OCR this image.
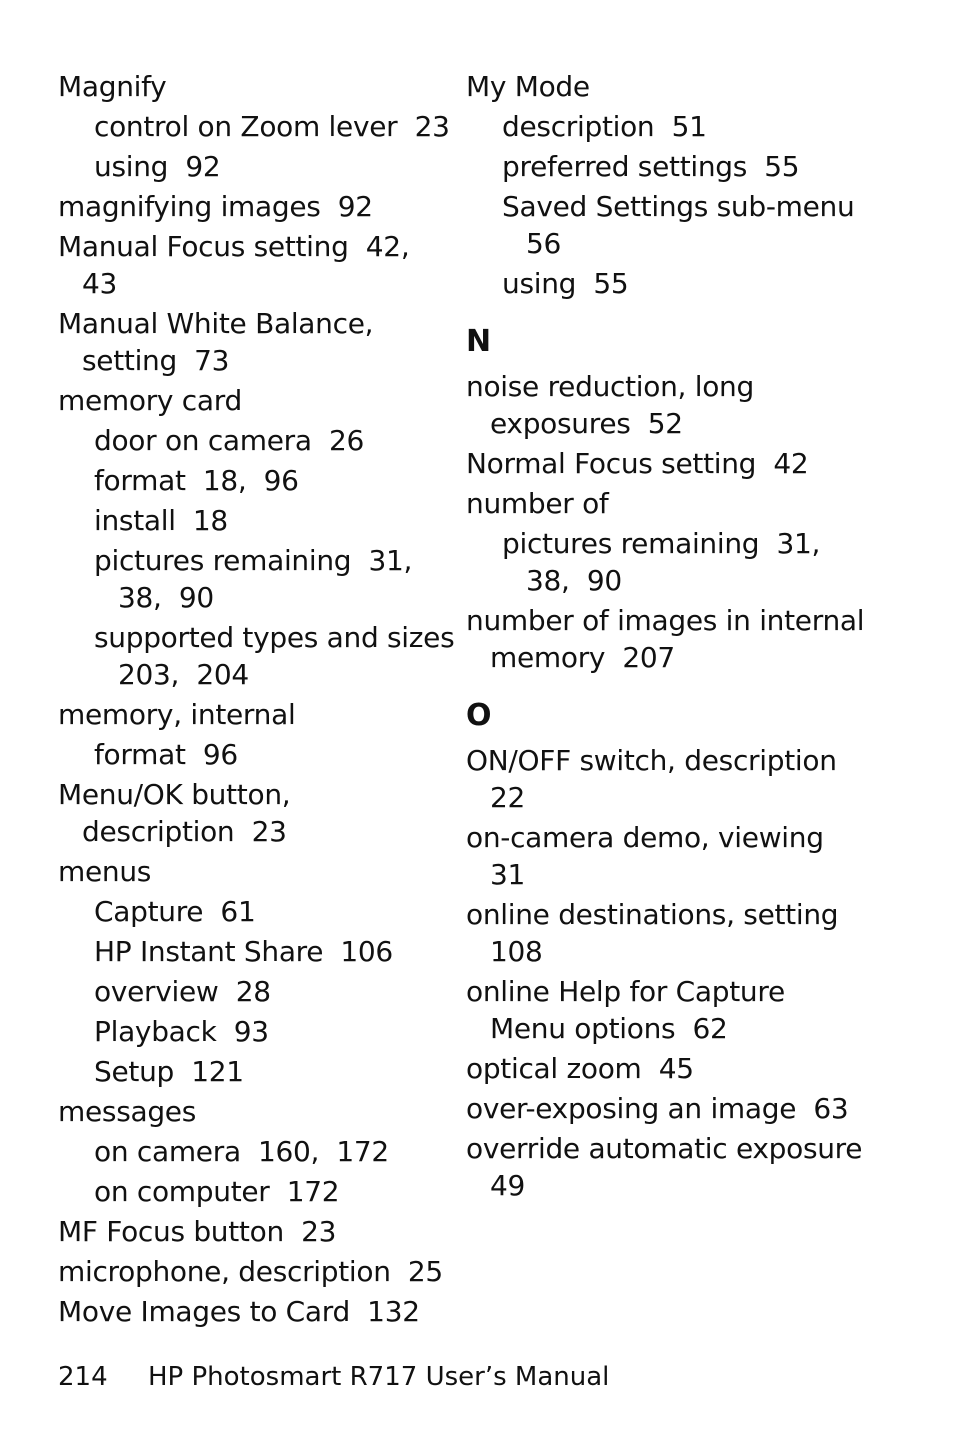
Magnify
control on Zoom lever  23
using  92
magnifying images  92
Manual Focus setting  42,
43
Manual White Balance,
setting  73
memory card
door on camera  26
format  18,  96
install  18
pictures remaining  31,
38,  90
supported types and sizes
203,  204
memory, internal
format  96
Menu/OK button,
description  23
menus
Capture  61
HP Instant Share  106
overview  28
Playback  93
Setup  121
messages
on camera  160,  172
on computer  172
MF Focus button  23
microphone, description  25
Move Images to Card  132
My Mode
description  51
preferred settings  55
Saved Settings sub-menu
56
using  55
N
noise reduction, long
exposures  52
Normal Focus setting  42
number of
pictures remaining  31,
38,  90
number of images in internal
memory  207
O
ON/OFF switch, description
22
on-camera demo, viewing
31
online destinations, setting
108
online Help for Capture
Menu options  62
optical zoom  45
over-exposing an image  63
override automatic exposure
49
214 HP Photosmart R717 User’s Manual
